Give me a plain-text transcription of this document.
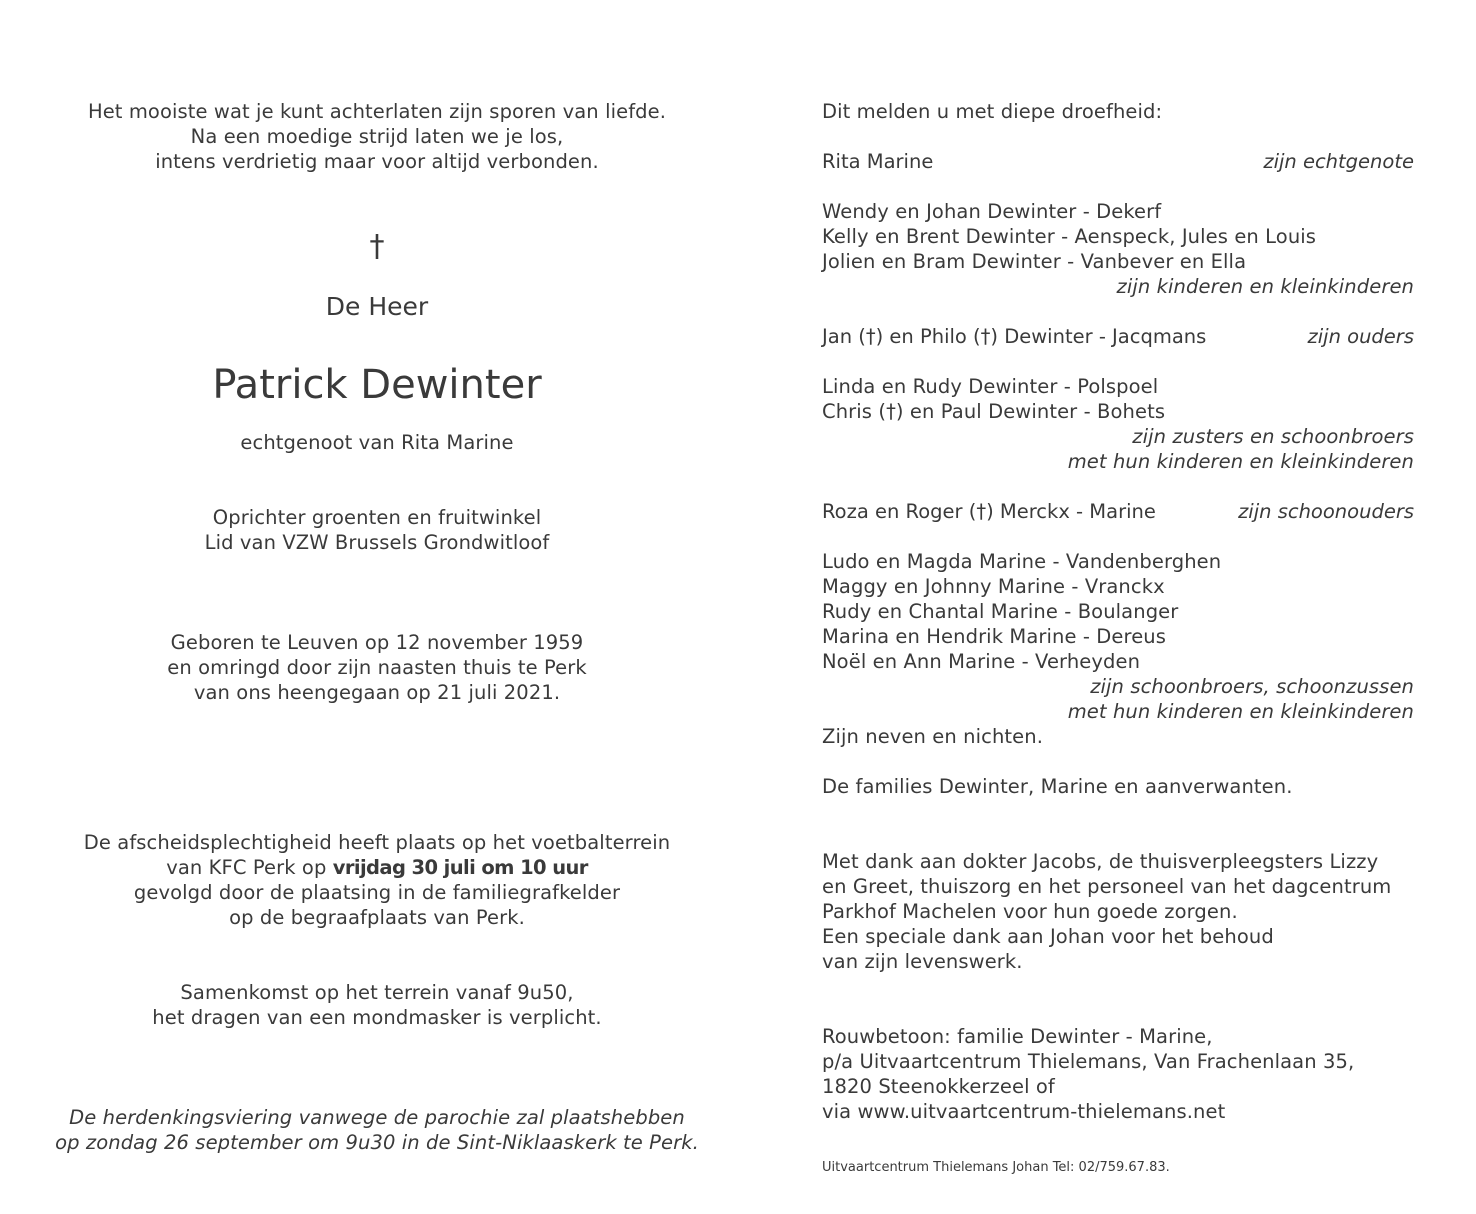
Het mooiste wat je kunt achterlaten zijn sporen van liefde.
Na een moedige strijd laten we je los,
intens verdrietig maar voor altijd verbonden.
†
De Heer
Patrick Dewinter
echtgenoot van Rita Marine
Oprichter groenten en fruitwinkel
Lid van VZW Brussels Grondwitloof
Geboren te Leuven op 12 november 1959
en omringd door zijn naasten thuis te Perk
van ons heengegaan op 21 juli 2021.
De afscheidsplechtigheid heeft plaats op het voetbalterrein
van KFC Perk op vrijdag 30 juli om 10 uur
gevolgd door de plaatsing in de familiegrafkelder
op de begraafplaats van Perk.
Samenkomst op het terrein vanaf 9u50,
het dragen van een mondmasker is verplicht.
De herdenkingsviering vanwege de parochie zal plaatshebben
op zondag 26 september om 9u30 in de Sint-Niklaaskerk te Perk.
Dit melden u met diepe droefheid:
Rita Marine	zijn echtgenote
Wendy en Johan Dewinter - Dekerf
Kelly en Brent Dewinter - Aenspeck, Jules en Louis
Jolien en Bram Dewinter - Vanbever en Ella
zijn kinderen en kleinkinderen
Jan (†) en Philo (†) Dewinter - Jacqmans	zijn ouders
Linda en Rudy Dewinter - Polspoel
Chris (†) en Paul Dewinter - Bohets
zijn zusters en schoonbroers
met hun kinderen en kleinkinderen
Roza en Roger (†) Merckx - Marine	zijn schoonouders
Ludo en Magda Marine - Vandenberghen
Maggy en Johnny Marine - Vranckx
Rudy en Chantal Marine - Boulanger
Marina en Hendrik Marine - Dereus
Noël en Ann Marine - Verheyden
zijn schoonbroers, schoonzussen
met hun kinderen en kleinkinderen
Zijn neven en nichten.
De families Dewinter, Marine en aanverwanten.
Met dank aan dokter Jacobs, de thuisverpleegsters Lizzy
en Greet, thuiszorg en het personeel van het dagcentrum
Parkhof Machelen voor hun goede zorgen.
Een speciale dank aan Johan voor het behoud
van zijn levenswerk.
Rouwbetoon: familie Dewinter - Marine,
p/a Uitvaartcentrum Thielemans, Van Frachenlaan 35,
1820 Steenokkerzeel of
via www.uitvaartcentrum-thielemans.net
Uitvaartcentrum Thielemans Johan Tel: 02/759.67.83.
